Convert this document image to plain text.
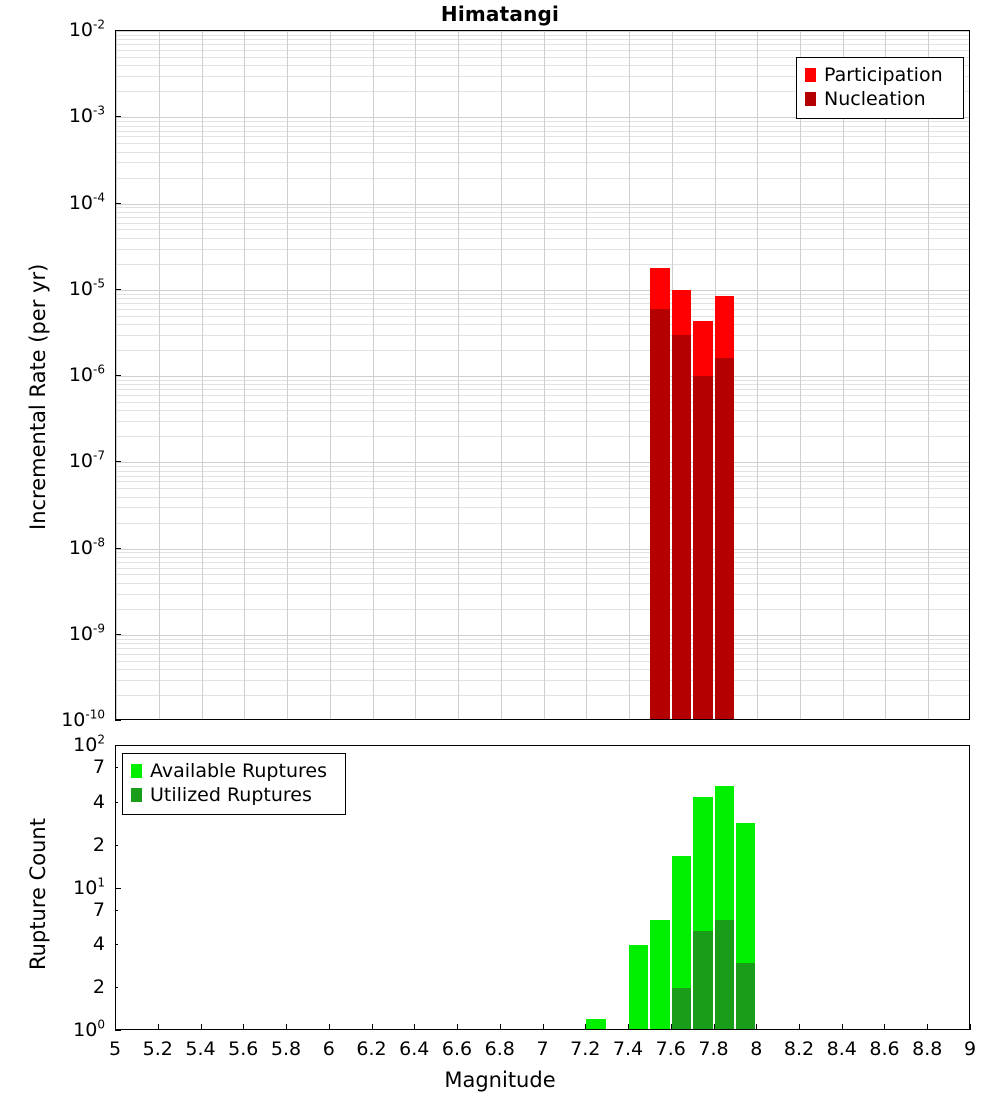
Himatangi
$10^{-2}$
$10^{-3}$
$10^{-4}$
$10^{-5}$
$10^{-6}$
$10^{-7}$
$10^{-8}$
$10^{-9}$
$10^{-10}$
Incremental Rate (per yr)
Participation
Nucleation
$10^2$
7
4
2
$10^1$
7
4
2
$10^0$
Rupture Count
Available Ruptures
Utilized Ruptures
5 5.2 5.4 5.6 5.8 6 6.2 6.4 6.6 6.8 7 7.2 7.4 7.6 7.8 8 8.2 8.4 8.6 8.8 9
Magnitude
